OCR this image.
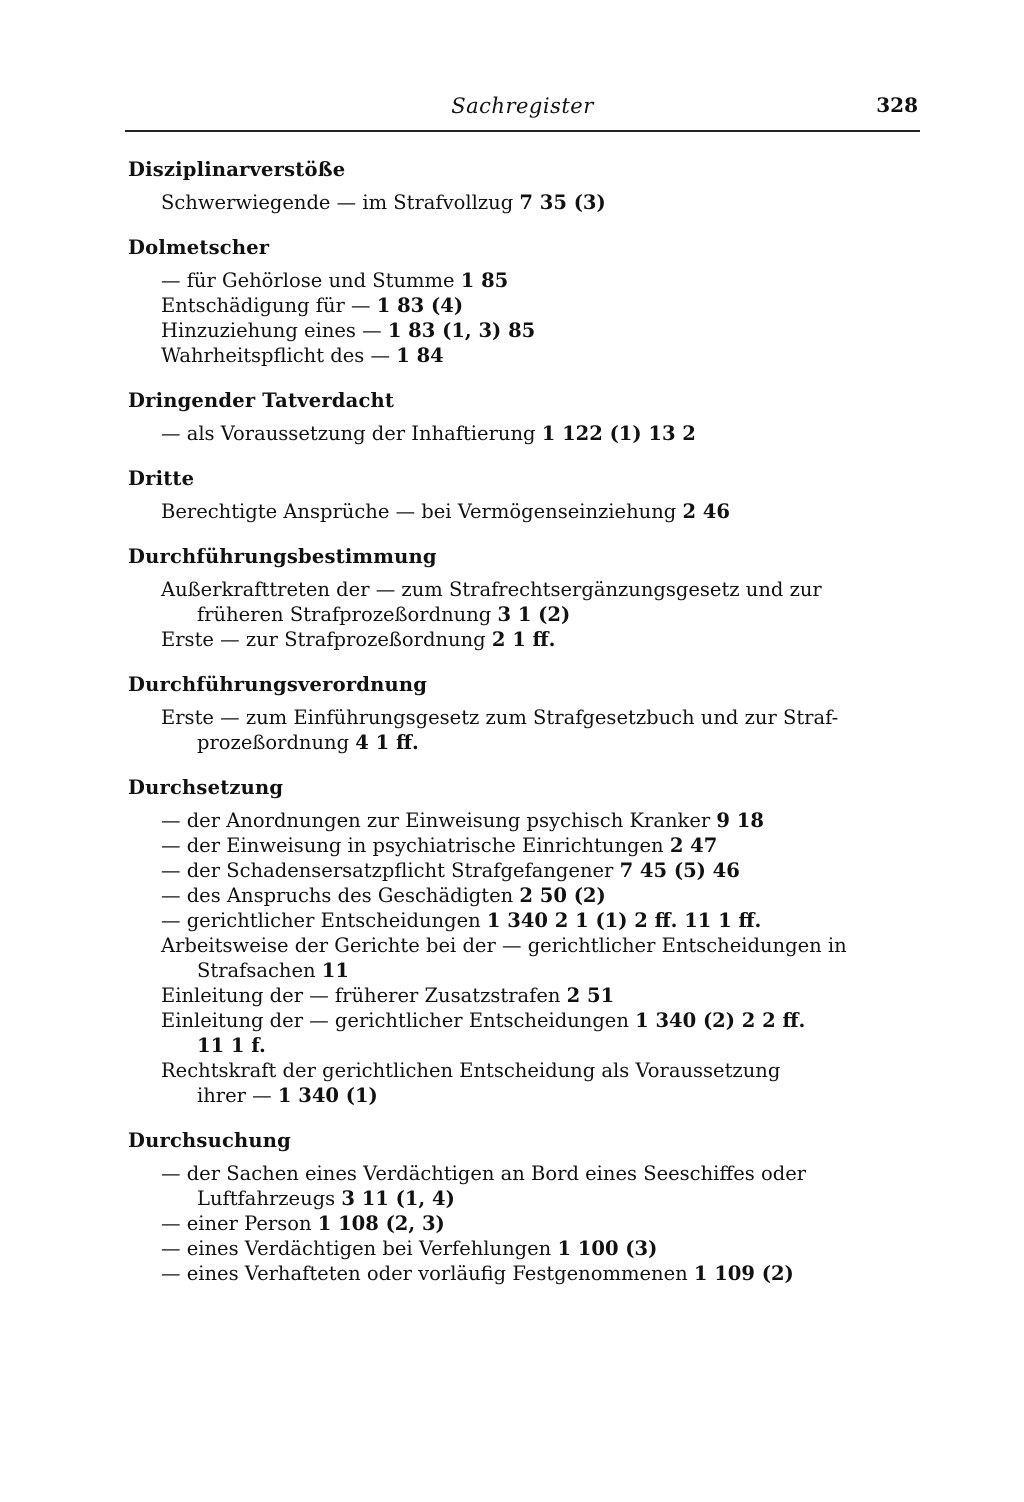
Sachregister	328
Disziplinarverstöße
Schwerwiegende — im Strafvollzug 7 35 (3)
Dolmetscher
— für Gehörlose und Stumme 1 85
Entschädigung für — 1 83 (4)
Hinzuziehung eines — 1 83 (1, 3) 85
Wahrheitspflicht des — 1 84
Dringender Tatverdacht
— als Voraussetzung der Inhaftierung 1 122 (1) 13 2
Dritte
Berechtigte Ansprüche — bei Vermögenseinziehung 2 46
Durchführungsbestimmung
Außerkrafttreten der — zum Strafrechtsergänzungsgesetz und zur
früheren Strafprozeßordnung 3 1 (2)
Erste — zur Strafprozeßordnung 2 1 ff.
Durchführungsverordnung
Erste — zum Einführungsgesetz zum Strafgesetzbuch und zur Straf-
prozeßordnung 4 1 ff.
Durchsetzung
— der Anordnungen zur Einweisung psychisch Kranker 9 18
— der Einweisung in psychiatrische Einrichtungen 2 47
— der Schadensersatzpflicht Strafgefangener 7 45 (5) 46
— des Anspruchs des Geschädigten 2 50 (2)
— gerichtlicher Entscheidungen 1 340 2 1 (1) 2 ff. 11 1 ff.
Arbeitsweise der Gerichte bei der — gerichtlicher Entscheidungen in
Strafsachen 11
Einleitung der — früherer Zusatzstrafen 2 51
Einleitung der — gerichtlicher Entscheidungen 1 340 (2) 2 2 ff.
11 1 f.
Rechtskraft der gerichtlichen Entscheidung als Voraussetzung
ihrer — 1 340 (1)
Durchsuchung
— der Sachen eines Verdächtigen an Bord eines Seeschiffes oder
Luftfahrzeugs 3 11 (1, 4)
— einer Person 1 108 (2, 3)
— eines Verdächtigen bei Verfehlungen 1 100 (3)
— eines Verhafteten oder vorläufig Festgenommenen 1 109 (2)
